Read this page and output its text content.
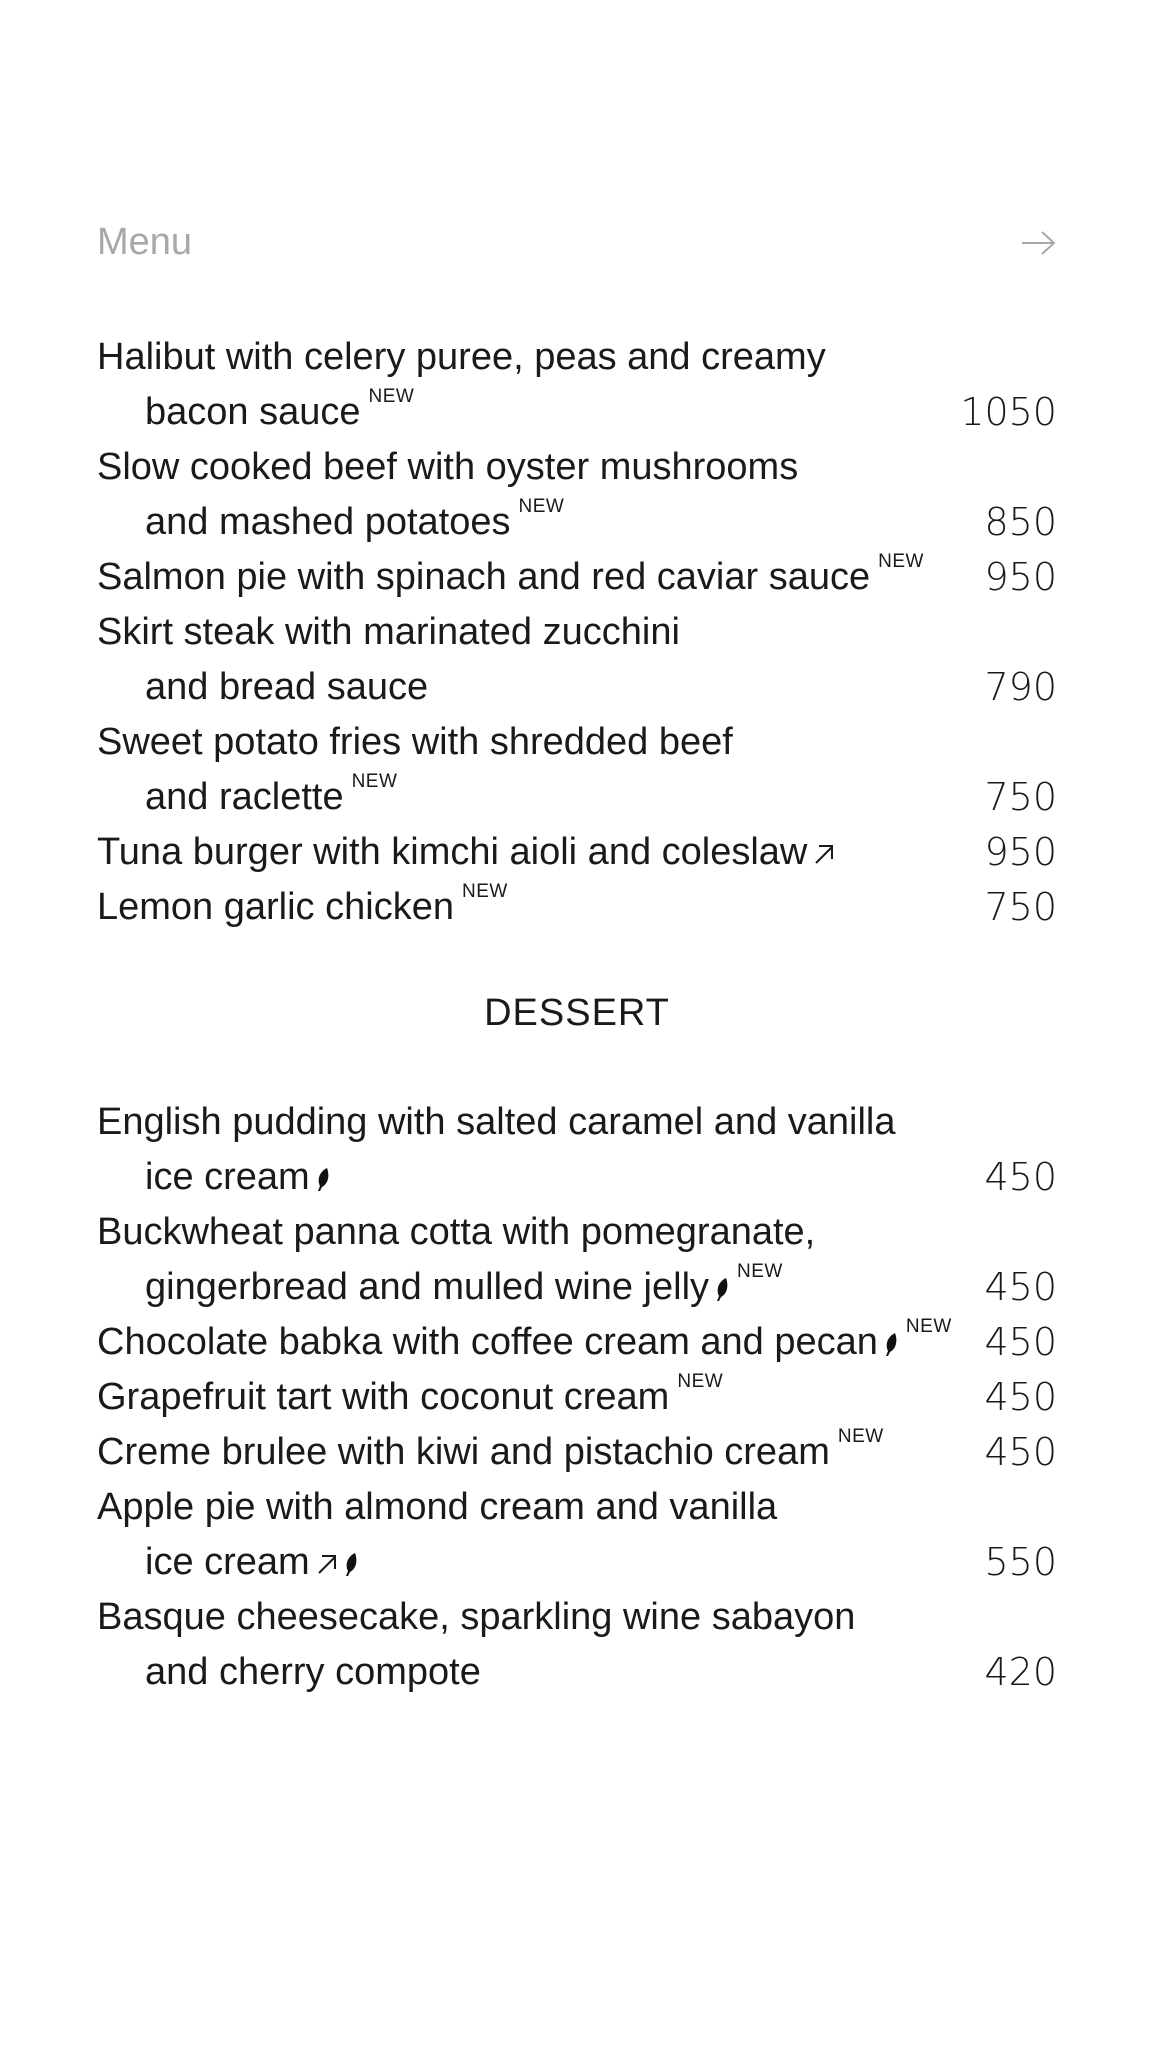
Menu
Halibut with celery puree, peas and creamy
bacon sauce $^{NEW}$	1050
Slow cooked beef with oyster mushrooms
and mashed potatoes $^{NEW}$	850
Salmon pie with spinach and red caviar sauce $^{NEW}$ 950
Skirt steak with marinated zucchini
and bread sauce	790
Sweet potato fries with shredded beef
and raclette $^{NEW}$	750
Tuna burger with kimchi aioli and coleslaw	950
Lemon garlic chicken $^{NEW}$	750
DESSERT
English pudding with salted caramel and vanilla
ice cream	450
Buckwheat panna cotta with pomegranate,
gingerbread and mulled wine jelly $^{NEW}$	450
Chocolate babka with coffee cream and pecan $^{NEW}$ 450
Grapefruit tart with coconut cream $^{NEW}$	450
Creme brulee with kiwi and pistachio cream $^{NEW}$	450
Apple pie with almond cream and vanilla
ice cream	550
Basque cheesecake, sparkling wine sabayon
and cherry compote	420
